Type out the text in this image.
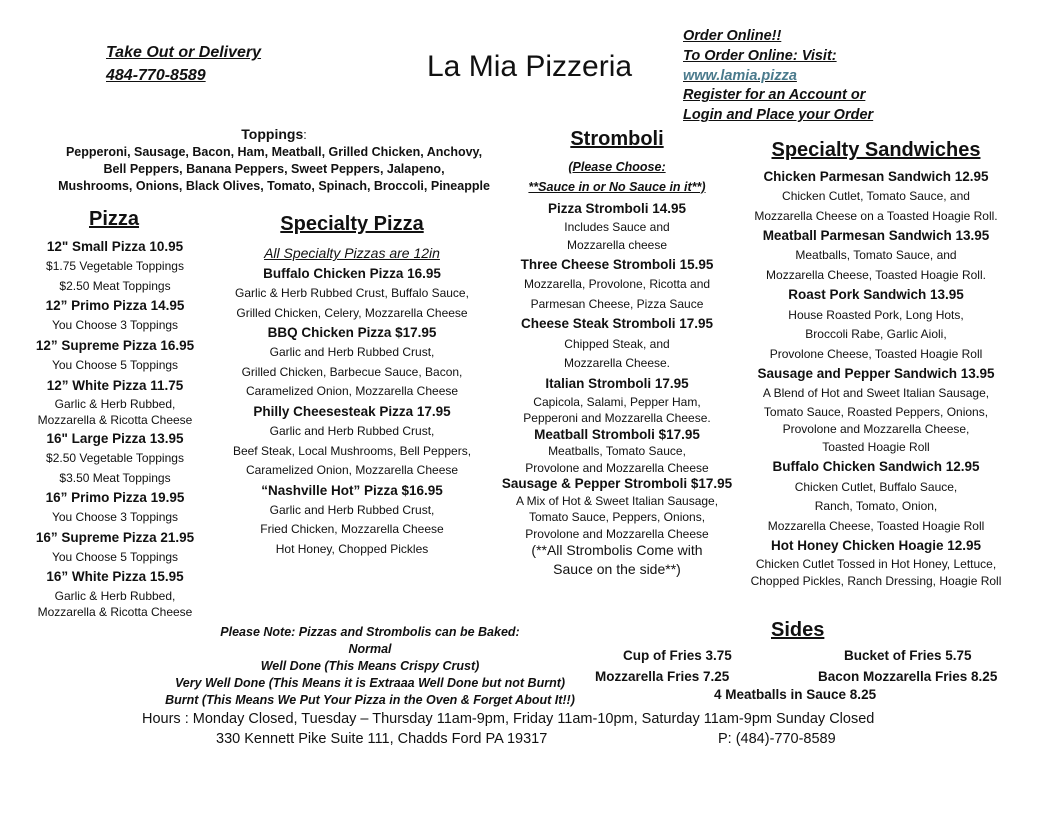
Take Out or Delivery
484-770-8589	La Mia Pizzeria
Order Online!!
To Order Online: Visit:
www.lamia.pizza
Register for an Account or
Login and Place your Order
Toppings:
Pepperoni, Sausage, Bacon, Ham, Meatball, Grilled Chicken, Anchovy,
Bell Peppers, Banana Peppers, Sweet Peppers, Jalapeno,
Mushrooms, Onions, Black Olives, Tomato, Spinach, Broccoli, Pineapple
Pizza
12" Small Pizza 10.95
$1.75 Vegetable Toppings
$2.50 Meat Toppings
12” Primo Pizza 14.95
You Choose 3 Toppings
12” Supreme Pizza 16.95
You Choose 5 Toppings
12” White Pizza 11.75
Garlic & Herb Rubbed,
Mozzarella & Ricotta Cheese
16" Large Pizza 13.95
$2.50 Vegetable Toppings
$3.50 Meat Toppings
16” Primo Pizza 19.95
You Choose 3 Toppings
16” Supreme Pizza 21.95
You Choose 5 Toppings
16” White Pizza 15.95
Garlic & Herb Rubbed,
Mozzarella & Ricotta Cheese
Specialty Pizza
All Specialty Pizzas are 12in
Buffalo Chicken Pizza 16.95
Garlic & Herb Rubbed Crust, Buffalo Sauce,
Grilled Chicken, Celery, Mozzarella Cheese
BBQ Chicken Pizza $17.95
Garlic and Herb Rubbed Crust,
Grilled Chicken, Barbecue Sauce, Bacon,
Caramelized Onion, Mozzarella Cheese
Philly Cheesesteak Pizza 17.95
Garlic and Herb Rubbed Crust,
Beef Steak, Local Mushrooms, Bell Peppers,
Caramelized Onion, Mozzarella Cheese
“Nashville Hot” Pizza $16.95
Garlic and Herb Rubbed Crust,
Fried Chicken, Mozzarella Cheese
Hot Honey, Chopped Pickles
Stromboli
(Please Choose:
**Sauce in or No Sauce in it**)
Pizza Stromboli 14.95
Includes Sauce and
Mozzarella cheese
Three Cheese Stromboli 15.95
Mozzarella, Provolone, Ricotta and
Parmesan Cheese, Pizza Sauce
Cheese Steak Stromboli 17.95
Chipped Steak, and
Mozzarella Cheese.
Italian Stromboli 17.95
Capicola, Salami, Pepper Ham,
Pepperoni and Mozzarella Cheese.
Meatball Stromboli $17.95
Meatballs, Tomato Sauce,
Provolone and Mozzarella Cheese
Sausage & Pepper Stromboli $17.95
A Mix of Hot & Sweet Italian Sausage,
Tomato Sauce, Peppers, Onions,
Provolone and Mozzarella Cheese
(**All Strombolis Come with
Sauce on the side**)
Specialty Sandwiches
Chicken Parmesan Sandwich 12.95
Chicken Cutlet, Tomato Sauce, and
Mozzarella Cheese on a Toasted Hoagie Roll.
Meatball Parmesan Sandwich 13.95
Meatballs, Tomato Sauce, and
Mozzarella Cheese, Toasted Hoagie Roll.
Roast Pork Sandwich 13.95
House Roasted Pork, Long Hots,
Broccoli Rabe, Garlic Aioli,
Provolone Cheese, Toasted Hoagie Roll
Sausage and Pepper Sandwich 13.95
A Blend of Hot and Sweet Italian Sausage,
Tomato Sauce, Roasted Peppers, Onions,
Provolone and Mozzarella Cheese,
Toasted Hoagie Roll
Buffalo Chicken Sandwich 12.95
Chicken Cutlet, Buffalo Sauce,
Ranch, Tomato, Onion,
Mozzarella Cheese, Toasted Hoagie Roll
Hot Honey Chicken Hoagie 12.95
Chicken Cutlet Tossed in Hot Honey, Lettuce,
Chopped Pickles, Ranch Dressing, Hoagie Roll
Please Note: Pizzas and Strombolis can be Baked:
Normal
Well Done (This Means Crispy Crust)
Very Well Done (This Means it is Extraaa Well Done but not Burnt)
Burnt (This Means We Put Your Pizza in the Oven & Forget About It!!)
Sides
Cup of Fries 3.75	Bucket of Fries 5.75
Mozzarella Fries 7.25	Bacon Mozzarella Fries 8.25
4 Meatballs in Sauce 8.25
Hours : Monday Closed, Tuesday – Thursday 11am-9pm, Friday 11am-10pm, Saturday 11am-9pm Sunday Closed
330 Kennett Pike Suite 111, Chadds Ford PA 19317	P: (484)-770-8589
